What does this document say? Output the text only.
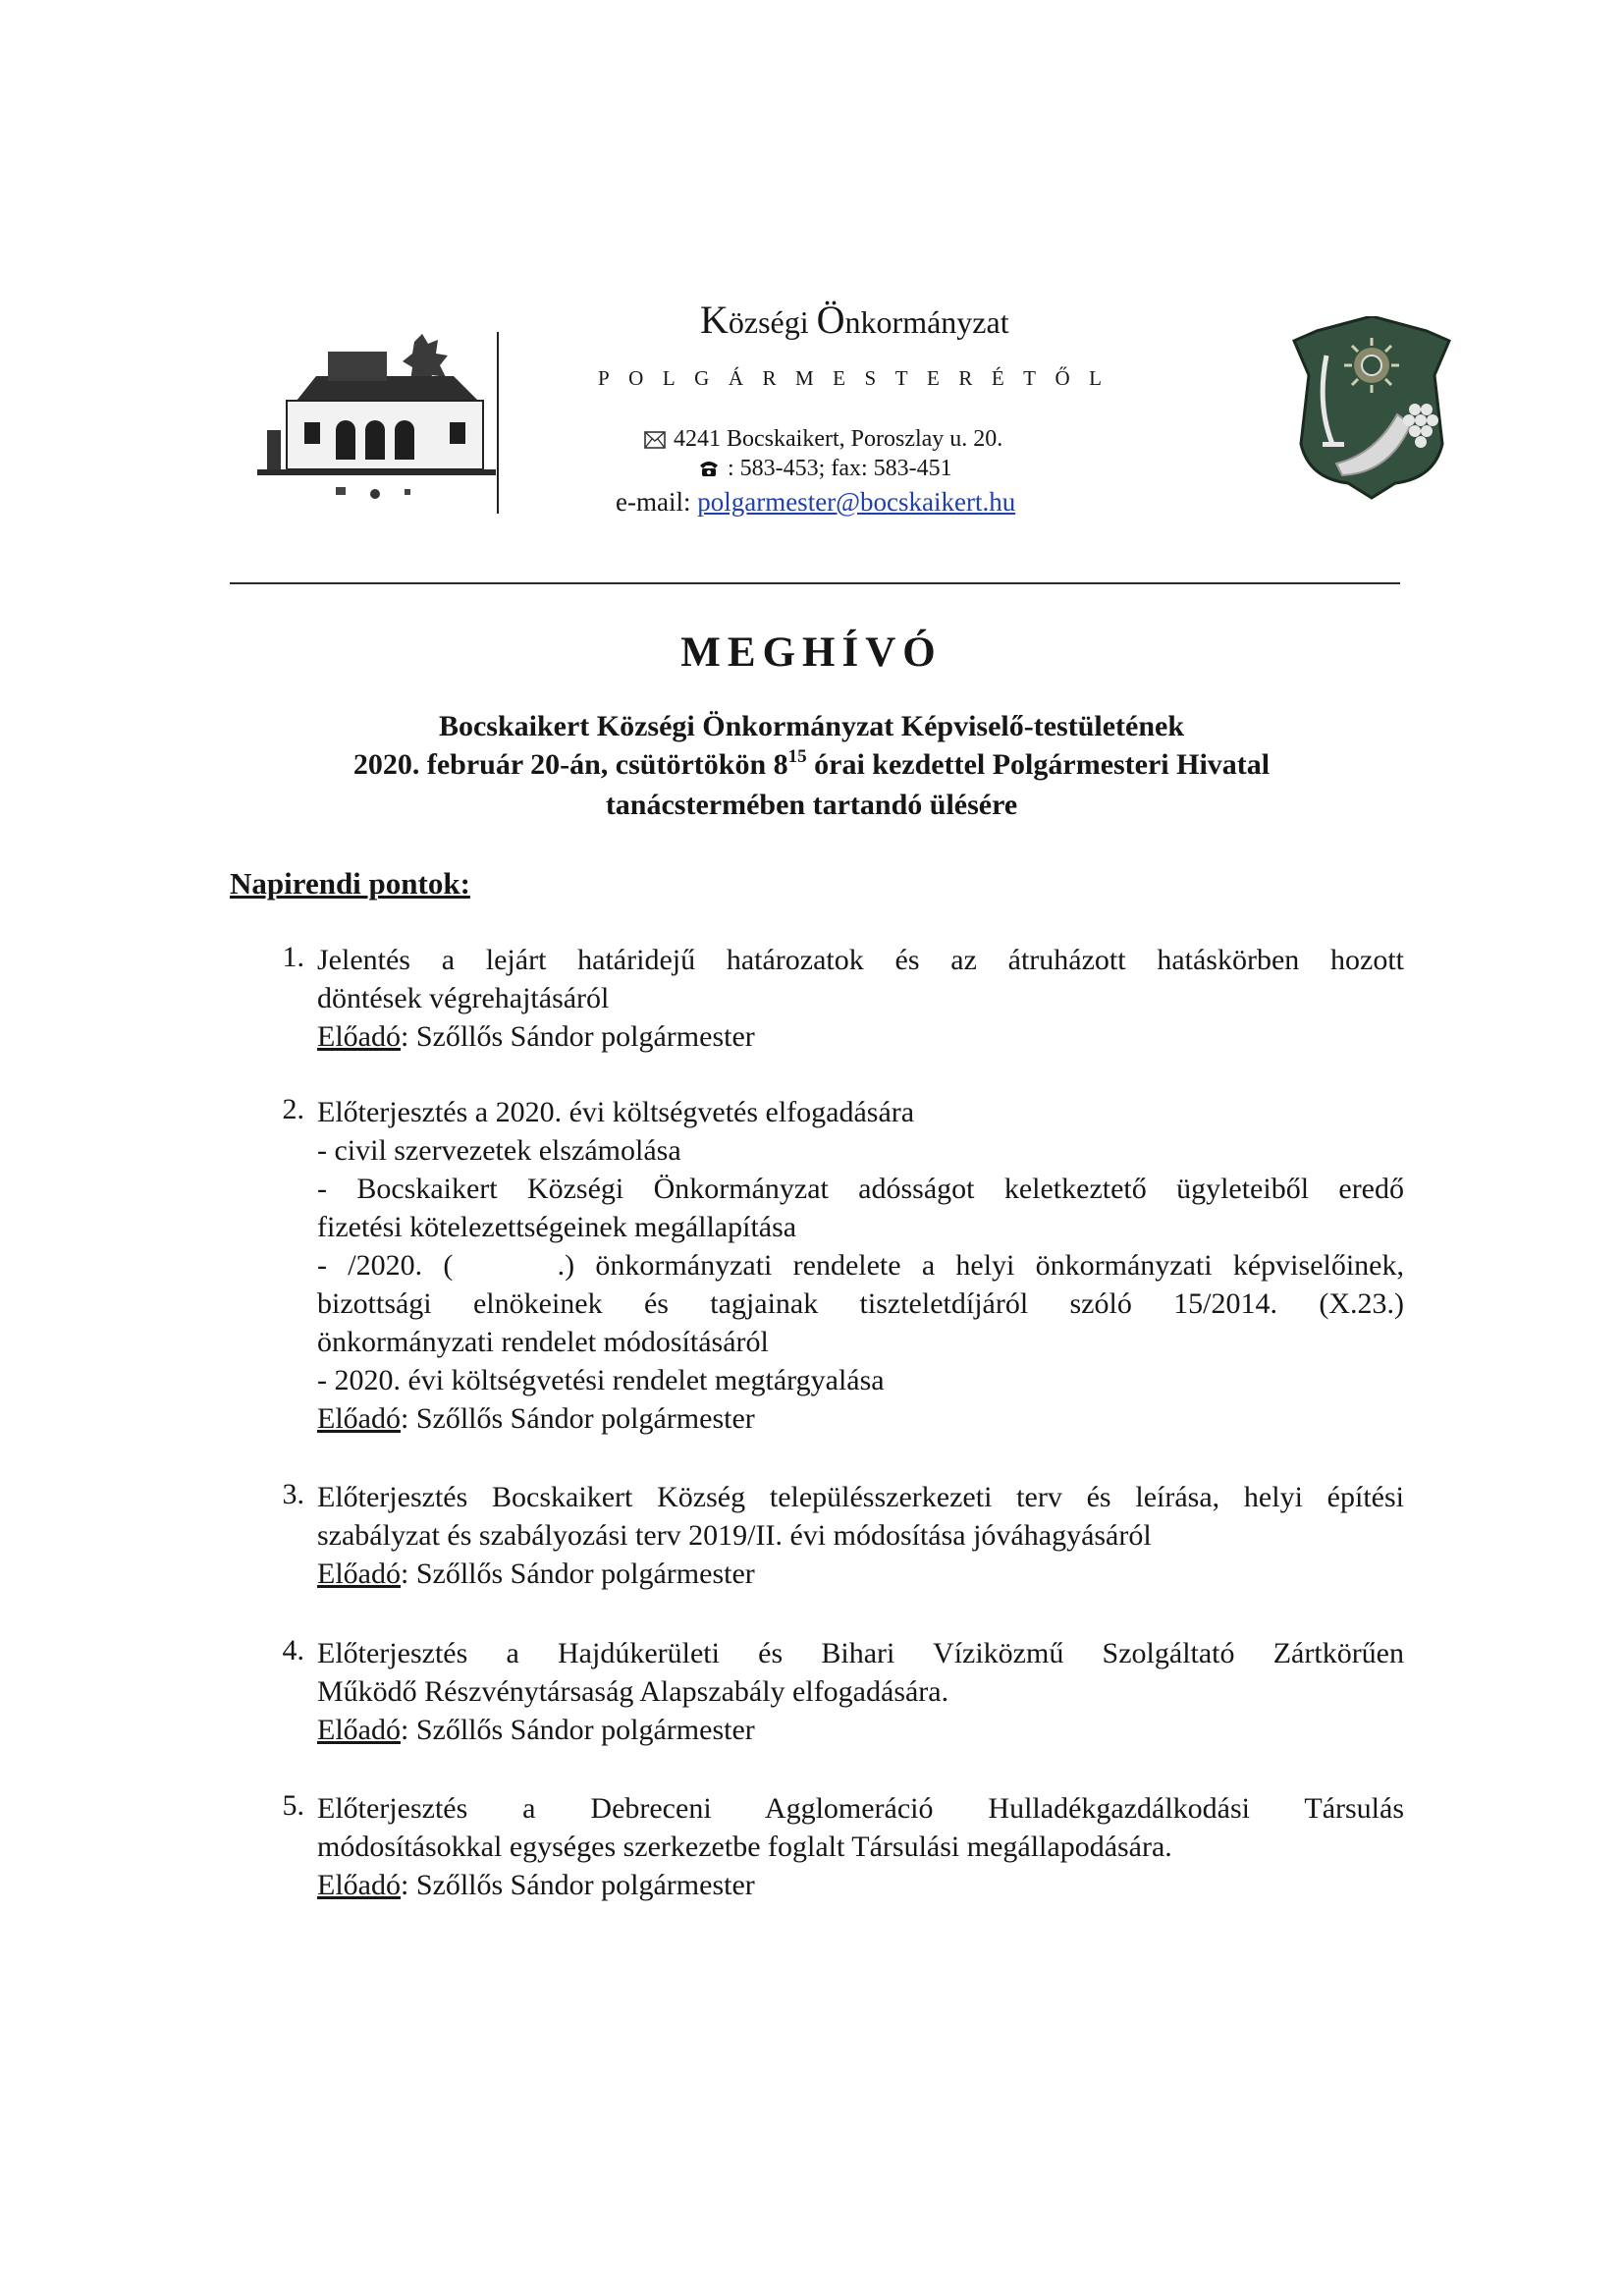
Községi Önkormányzat
POLGÁRMESTERÉTŐL
4241 Bocskaikert, Poroszlay u. 20.
: 583-453; fax: 583-451
e-mail: polgarmester@bocskaikert.hu
MEGHÍVÓ
Bocskaikert Községi Önkormányzat Képviselő-testületének
2020. február 20-án, csütörtökön $8^{15}$ órai kezdettel Polgármesteri Hivatal
tanácstermében tartandó ülésére
Napirendi pontok:
1. Jelentés a lejárt határidejű határozatok és az átruházott hatáskörben hozott
döntések végrehajtásáról
Előadó: Szőllős Sándor polgármester
2. Előterjesztés a 2020. évi költségvetés elfogadására
- civil szervezetek elszámolása
- Bocskaikert Községi Önkormányzat adósságot keletkeztető ügyleteiből eredő
fizetési kötelezettségeinek megállapítása
- /2020. (     .) önkormányzati rendelete a helyi önkormányzati képviselőinek,
bizottsági elnökeinek és tagjainak tiszteletdíjáról szóló 15/2014. (X.23.)
önkormányzati rendelet módosításáról
- 2020. évi költségvetési rendelet megtárgyalása
Előadó: Szőllős Sándor polgármester
3. Előterjesztés Bocskaikert Község településszerkezeti terv és leírása, helyi építési
szabályzat és szabályozási terv 2019/II. évi módosítása jóváhagyásáról
Előadó: Szőllős Sándor polgármester
4. Előterjesztés a Hajdúkerületi és Bihari Víziközmű Szolgáltató Zártkörűen
Működő Részvénytársaság Alapszabály elfogadására.
Előadó: Szőllős Sándor polgármester
5. Előterjesztés a Debreceni Agglomeráció Hulladékgazdálkodási Társulás
módosításokkal egységes szerkezetbe foglalt Társulási megállapodására.
Előadó: Szőllős Sándor polgármester
